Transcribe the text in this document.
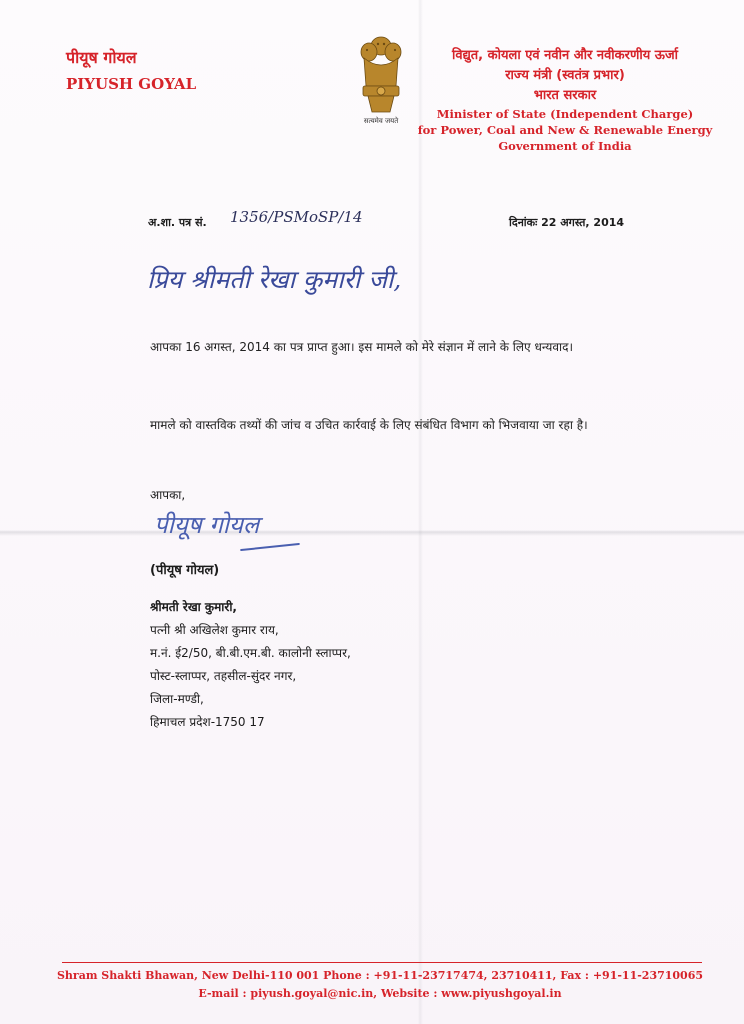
पीयूष गोयल
PIYUSH GOYAL
सत्यमेव जयते
विद्युत, कोयला एवं नवीन और नवीकरणीय ऊर्जा
राज्य मंत्री (स्वतंत्र प्रभार)
भारत सरकार
Minister of State (Independent Charge)
for Power, Coal and New & Renewable Energy
Government of India
अ.शा. पत्र सं. 1356/PSMoSP/14	दिनांकः 22 अगस्त, 2014
प्रिय श्रीमती रेखा कुमारी जी,
आपका 16 अगस्त, 2014 का पत्र प्राप्त हुआ। इस मामले को मेरे संज्ञान में लाने के लिए धन्यवाद।
मामले को वास्तविक तथ्यों की जांच व उचित कार्रवाई के लिए संबंधित विभाग को भिजवाया जा रहा है।
आपका,
पीयूष गोयल
(पीयूष गोयल)
श्रीमती रेखा कुमारी,
पत्नी श्री अखिलेश कुमार राय,
म.नं. ई2/50, बी.बी.एम.बी. कालोनी स्लाप्पर,
पोस्ट-स्लाप्पर, तहसील-सुंदर नगर,
जिला-मण्डी,
हिमाचल प्रदेश-1750 17
Shram Shakti Bhawan, New Delhi-110 001 Phone : +91-11-23717474, 23710411, Fax : +91-11-23710065
E-mail : piyush.goyal@nic.in, Website : www.piyushgoyal.in
